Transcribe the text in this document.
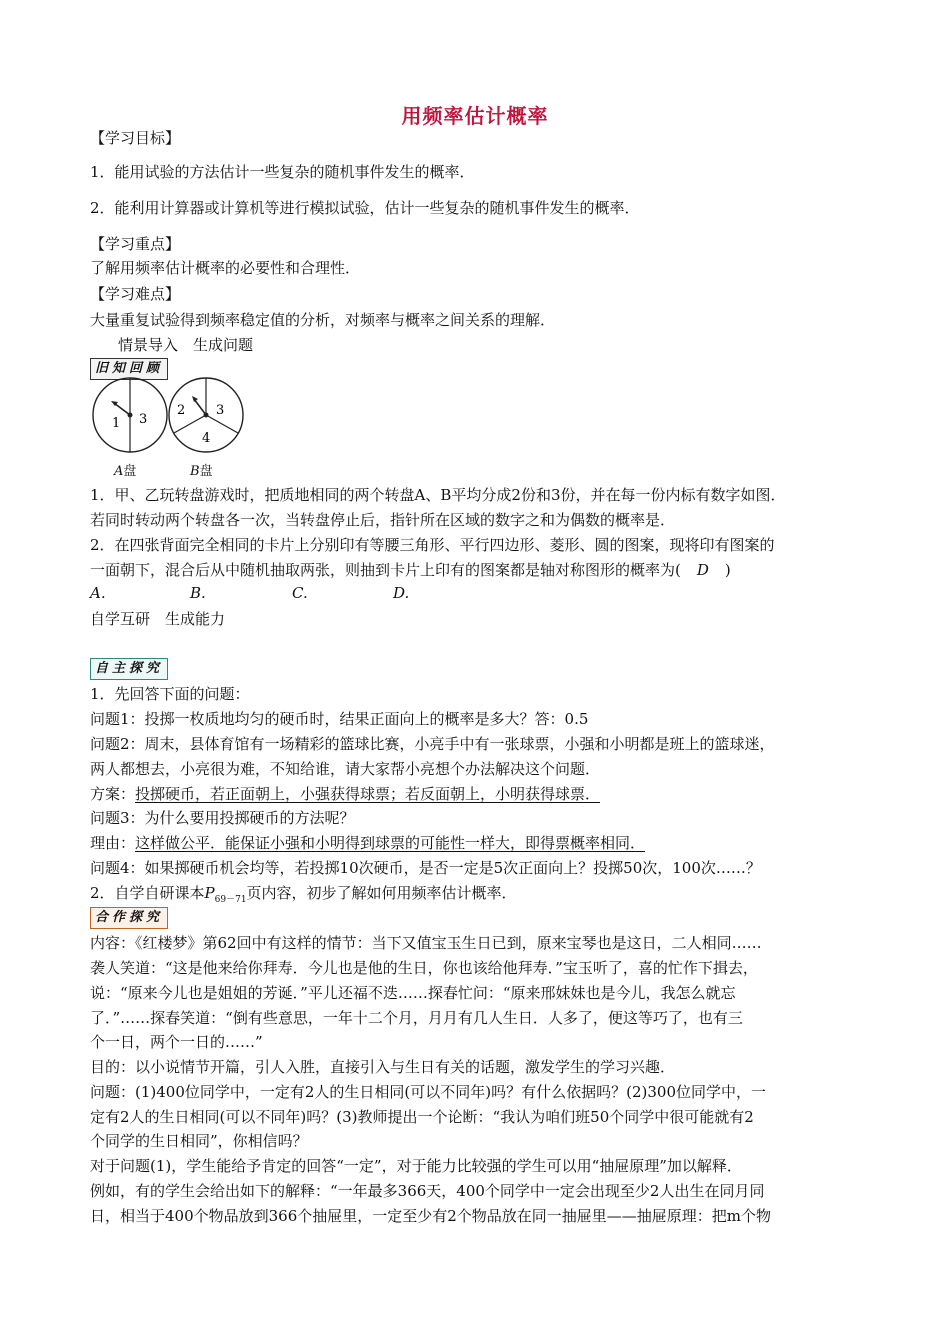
用频率估计概率
【学习目标】
1．能用试验的方法估计一些复杂的随机事件发生的概率．
2．能利用计算器或计算机等进行模拟试验，估计一些复杂的随机事件发生的概率．
【学习重点】
了解用频率估计概率的必要性和合理性．
【学习难点】
大量重复试验得到频率稳定值的分析，对频率与概率之间关系的理解．
情景导入　生成问题
旧知回顾
1 3
A盘
2 3
4
B盘
1．甲、乙玩转盘游戏时，把质地相同的两个转盘A、B平均分成2份和3份，并在每一份内标有数字如图．
若同时转动两个转盘各一次，当转盘停止后，指针所在区域的数字之和为偶数的概率是．
2．在四张背面完全相同的卡片上分别印有等腰三角形、平行四边形、菱形、圆的图案，现将印有图案的
一面朝下，混合后从中随机抽取两张，则抽到卡片上印有的图案都是轴对称图形的概率为( D )
A.	B.	C.	D.
自学互研　生成能力
自主探究
1．先回答下面的问题：
问题1：投掷一枚质地均匀的硬币时，结果正面向上的概率是多大？答：0.5
问题2：周末，县体育馆有一场精彩的篮球比赛，小亮手中有一张球票，小强和小明都是班上的篮球迷，
两人都想去，小亮很为难，不知给谁，请大家帮小亮想个办法解决这个问题．
方案：投掷硬币，若正面朝上，小强获得球票；若反面朝上，小明获得球票．
问题3：为什么要用投掷硬币的方法呢？
理由：这样做公平．能保证小强和小明得到球票的可能性一样大，即得票概率相同．
问题4：如果掷硬币机会均等，若投掷10次硬币，是否一定是5次正面向上？投掷50次，100次……？
2．自学自研课本$P_{69-71}$页内容，初步了解如何用频率估计概率．
合作探究
内容：《红楼梦》第62回中有这样的情节：当下又值宝玉生日已到，原来宝琴也是这日，二人相同……
袭人笑道：“这是他来给你拜寿．今儿也是他的生日，你也该给他拜寿．”宝玉听了，喜的忙作下揖去，
说：“原来今儿也是姐姐的芳诞．”平儿还福不迭……探春忙问：“原来邢妹妹也是今儿，我怎么就忘
了．”……探春笑道：“倒有些意思，一年十二个月，月月有几人生日．人多了，便这等巧了，也有三
个一日，两个一日的……”
目的：以小说情节开篇，引人入胜，直接引入与生日有关的话题，激发学生的学习兴趣．
问题：(1)400位同学中，一定有2人的生日相同(可以不同年)吗？有什么依据吗？(2)300位同学中，一
定有2人的生日相同(可以不同年)吗？(3)教师提出一个论断：“我认为咱们班50个同学中很可能就有2
个同学的生日相同”，你相信吗？
对于问题(1)，学生能给予肯定的回答“一定”，对于能力比较强的学生可以用“抽屉原理”加以解释．
例如，有的学生会给出如下的解释：“一年最多366天，400个同学中一定会出现至少2人出生在同月同
日，相当于400个物品放到366个抽屉里，一定至少有2个物品放在同一抽屉里——抽屉原理：把m个物
